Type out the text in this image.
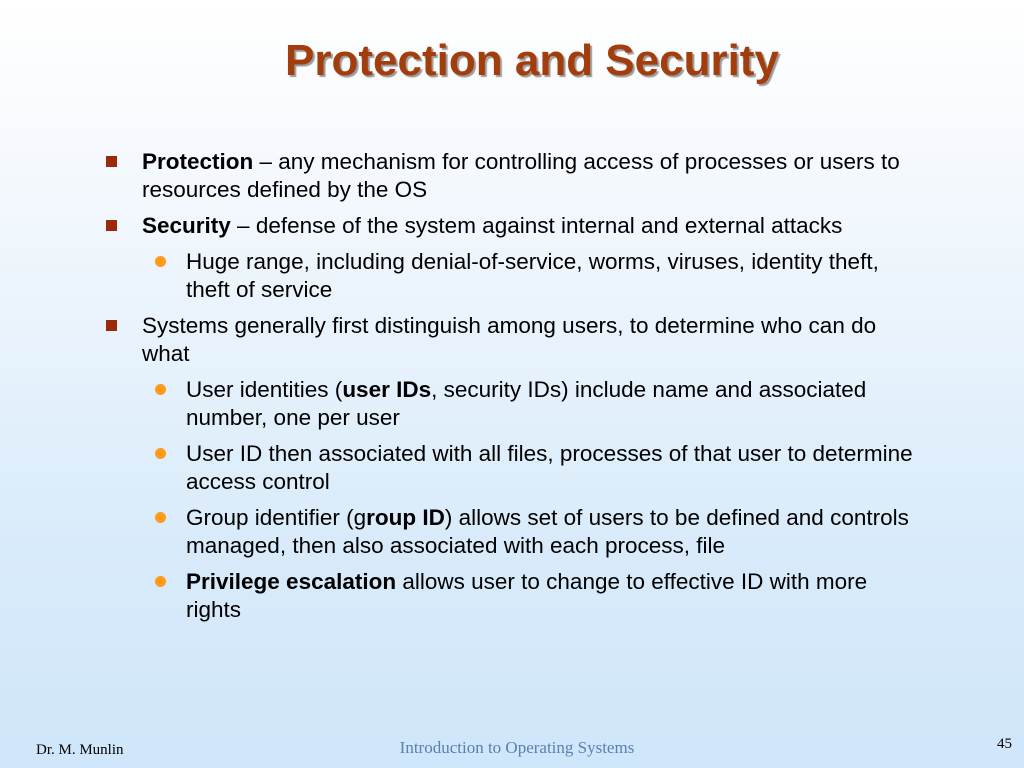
Protection and Security
Protection – any mechanism for controlling access of processes or users to resources defined by the OS
Security – defense of the system against internal and external attacks
Huge range, including denial-of-service, worms, viruses, identity theft, theft of service
Systems generally first distinguish among users, to determine who can do what
User identities (user IDs, security IDs) include name and associated number, one per user
User ID then associated with all files, processes of that user to determine access control
Group identifier (group ID) allows set of users to be defined and controls managed, then also associated with each process, file
Privilege escalation allows user to change to effective ID with more rights
Dr. M. Munlin	Introduction to Operating Systems	45
